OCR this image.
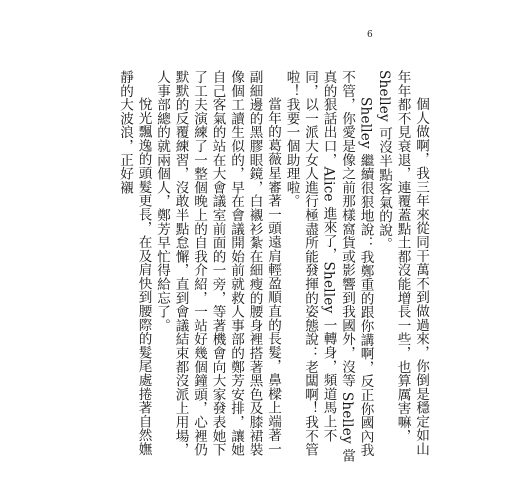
6

個人做啊，我三年來從同干萬不到做過來，你倒是穩定如山年年都不見衰退，連覆蓋點土都沒能增長一些，也算厲害嘛，Shelley 可沒半點客氣的說。

Shelley 繼續很狠地說：我鄭重的跟你講啊，反正你國內我不管，你愛是像之前那樣窩貨或影響到我國外，沒等 Shelley 當真的狠話出口，Alice 進來了，Shelley 一轉身，頻道馬上不同，以一派大女人進行極盡所能發揮的姿態說：老闆啊！我不管啦！我要一個助理啦。

當年的葛薇星審著一頭遠肩輕盈順直的長髮，鼻樑上端著一副細邊的黑膠眼鏡，白襯衫紮在細瘦的腰身裡搭著黑色及膝裙裝像個工讀生似的，早在會議開始前就救人事部的鄭芳安排，讓她自己客氣的站在大會議室前面的一旁，等著機會向大家發表她下了工夫演練了一整個晚上的自我介紹，一站好幾個鐘頭，心裡仍默默的反覆練習，沒敢半點怠懈，直到會議結束都沒派上用場，人事部總的就兩個人，鄭芳早忙得給忘了。

悅光飄逸的頭髮更長，在及肩快到腰際的髮尾處捲著自然嫵靜的大波浪，正好襯
